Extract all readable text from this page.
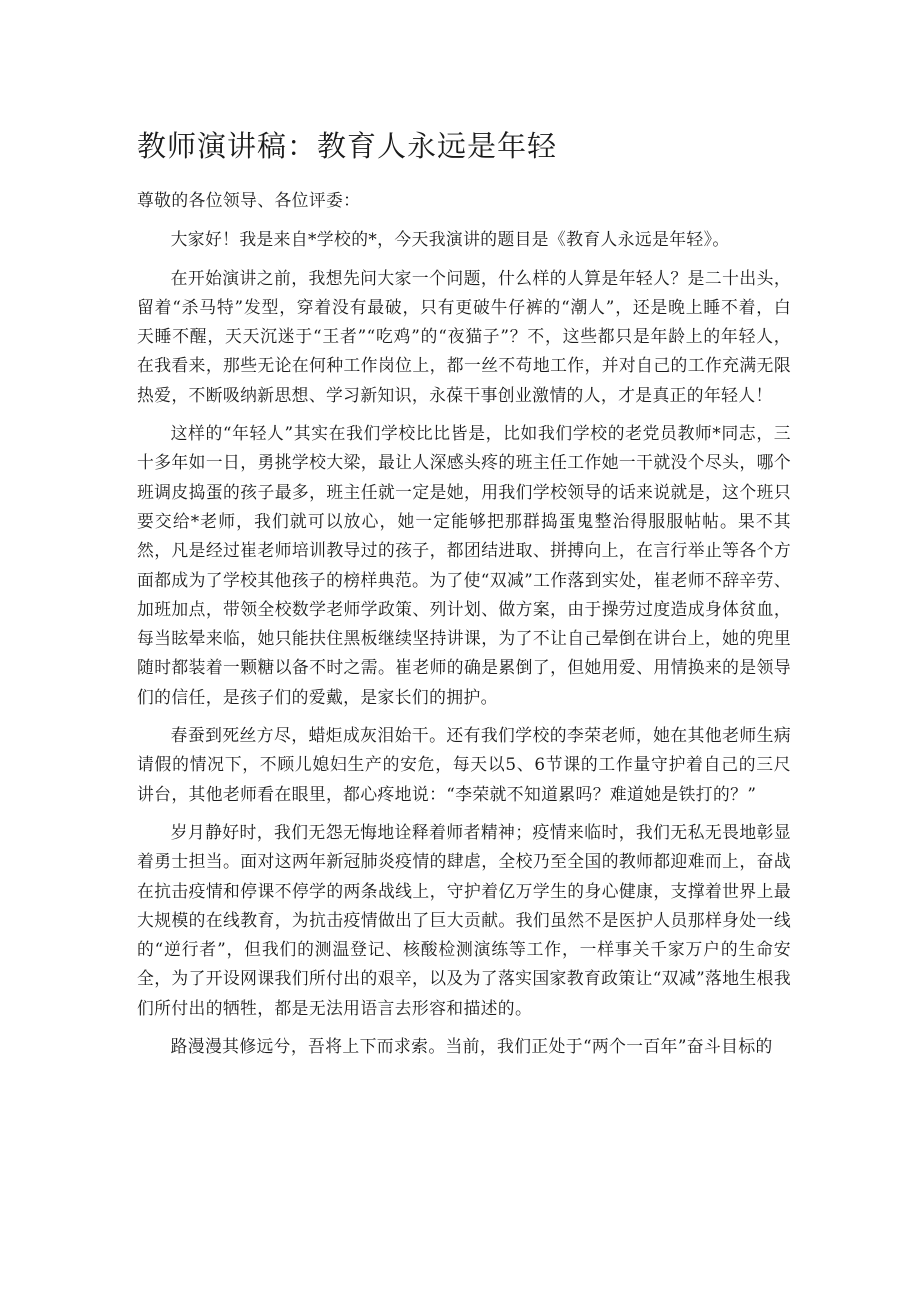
教师演讲稿：教育人永远是年轻

尊敬的各位领导、各位评委：

大家好！我是来自*学校的*，今天我演讲的题目是《教育人永远是年轻》。

在开始演讲之前，我想先问大家一个问题，什么样的人算是年轻人？是二十出头，留着“杀马特”发型，穿着没有最破，只有更破牛仔裤的“潮人”，还是晚上睡不着，白天睡不醒，天天沉迷于“王者”“吃鸡”的“夜猫子”？不，这些都只是年龄上的年轻人，在我看来，那些无论在何种工作岗位上，都一丝不苟地工作，并对自己的工作充满无限热爱，不断吸纳新思想、学习新知识，永葆干事创业激情的人，才是真正的年轻人！

这样的“年轻人”其实在我们学校比比皆是，比如我们学校的老党员教师*同志，三十多年如一日，勇挑学校大梁，最让人深感头疼的班主任工作她一干就没个尽头，哪个班调皮捣蛋的孩子最多，班主任就一定是她，用我们学校领导的话来说就是，这个班只要交给*老师，我们就可以放心，她一定能够把那群捣蛋鬼整治得服服帖帖。果不其然，凡是经过崔老师培训教导过的孩子，都团结进取、拼搏向上，在言行举止等各个方面都成为了学校其他孩子的榜样典范。为了使“双减”工作落到实处，崔老师不辞辛劳、加班加点，带领全校数学老师学政策、列计划、做方案，由于操劳过度造成身体贫血，每当眩晕来临，她只能扶住黑板继续坚持讲课，为了不让自己晕倒在讲台上，她的兜里随时都装着一颗糖以备不时之需。崔老师的确是累倒了，但她用爱、用情换来的是领导们的信任，是孩子们的爱戴，是家长们的拥护。

春蚕到死丝方尽，蜡炬成灰泪始干。还有我们学校的李荣老师，她在其他老师生病请假的情况下，不顾儿媳妇生产的安危，每天以5、6节课的工作量守护着自己的三尺讲台，其他老师看在眼里，都心疼地说：“李荣就不知道累吗？难道她是铁打的？”

岁月静好时，我们无怨无悔地诠释着师者精神；疫情来临时，我们无私无畏地彰显着勇士担当。面对这两年新冠肺炎疫情的肆虐，全校乃至全国的教师都迎难而上，奋战在抗击疫情和停课不停学的两条战线上，守护着亿万学生的身心健康，支撑着世界上最大规模的在线教育，为抗击疫情做出了巨大贡献。我们虽然不是医护人员那样身处一线的“逆行者”，但我们的测温登记、核酸检测演练等工作，一样事关千家万户的生命安全，为了开设网课我们所付出的艰辛，以及为了落实国家教育政策让“双减”落地生根我们所付出的牺牲，都是无法用语言去形容和描述的。

路漫漫其修远兮，吾将上下而求索。当前，我们正处于“两个一百年”奋斗目标的
